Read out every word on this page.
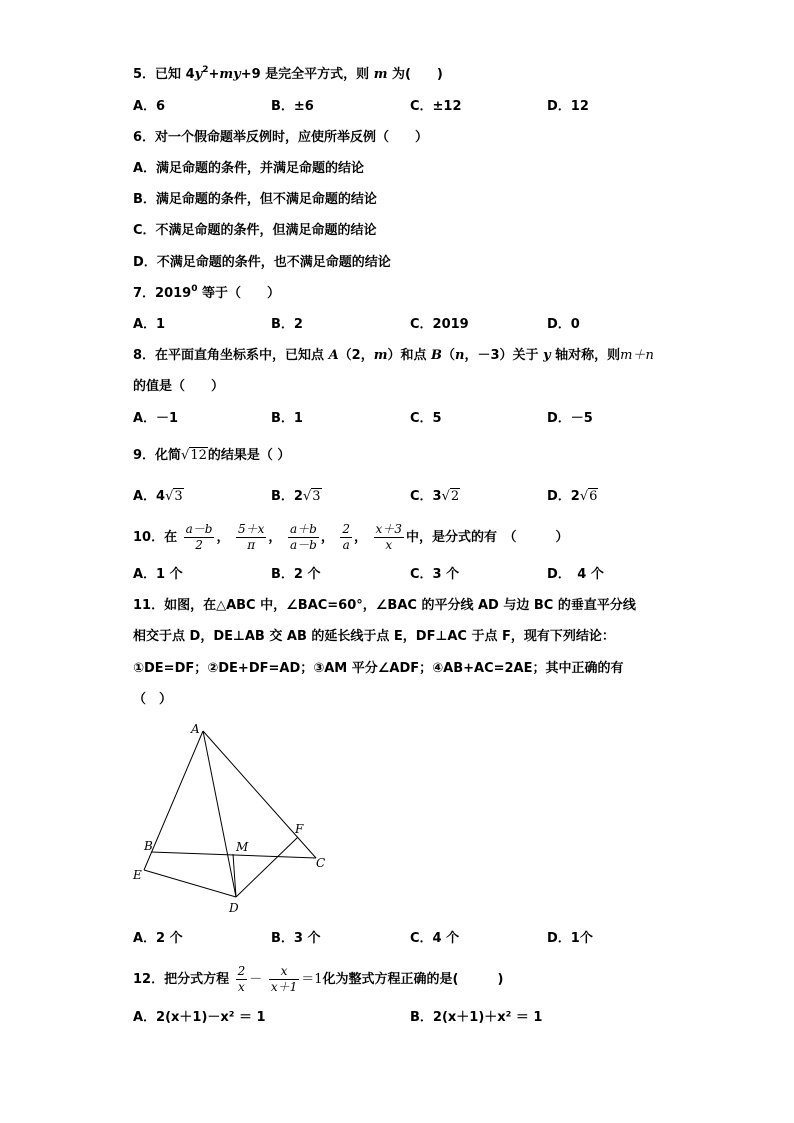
5．已知 $4y^2+my+9$ 是完全平方式，则 m 为(　　)
A．6	B．±6	C．±12	D．12
6．对一个假命题举反例时，应使所举反例（　　）
A．满足命题的条件，并满足命题的结论
B．满足命题的条件，但不满足命题的结论
C．不满足命题的条件，但满足命题的结论
D．不满足命题的条件，也不满足命题的结论
7．2019$^0$ 等于（　　）
A．1	B．2	C．2019	D．0
8．在平面直角坐标系中，已知点 A（2，m）和点 B（n，－3）关于 y 轴对称，则m＋n
的值是（　　）
A．－1	B．1	C．5	D．－5
9．化简√12的结果是（ ）
A．4√3	B．2√3	C．3√2	D．2√6
10．在 $\frac{a-b}{2}$ ， $\frac{5+x}{\pi}$ ， $\frac{a+b}{a-b}$ ， $\frac{2}{a}$ ， $\frac{x+3}{x}$ 中，是分式的有　（　　　）
A．1 个	B．2 个	C．3 个	D．　4 个
11．如图，在△ABC 中，∠BAC=60°，∠BAC 的平分线 AD 与边 BC 的垂直平分线
相交于点 D，DE⊥AB 交 AB 的延长线于点 E，DF⊥AC 于点 F，现有下列结论：
①DE=DF；②DE+DF=AD；③AM 平分∠ADF；④AB+AC=2AE；其中正确的有
（　）
A
B
C
D
E
F
M
A．2 个	B．3 个	C．4 个	D．1个
12．把分式方程 $\frac{2}{x} - \frac{x}{x+1} =1$化为整式方程正确的是(　　　)
A．2(x＋1)－x² ＝ 1	B．2(x＋1)＋x² ＝ 1
